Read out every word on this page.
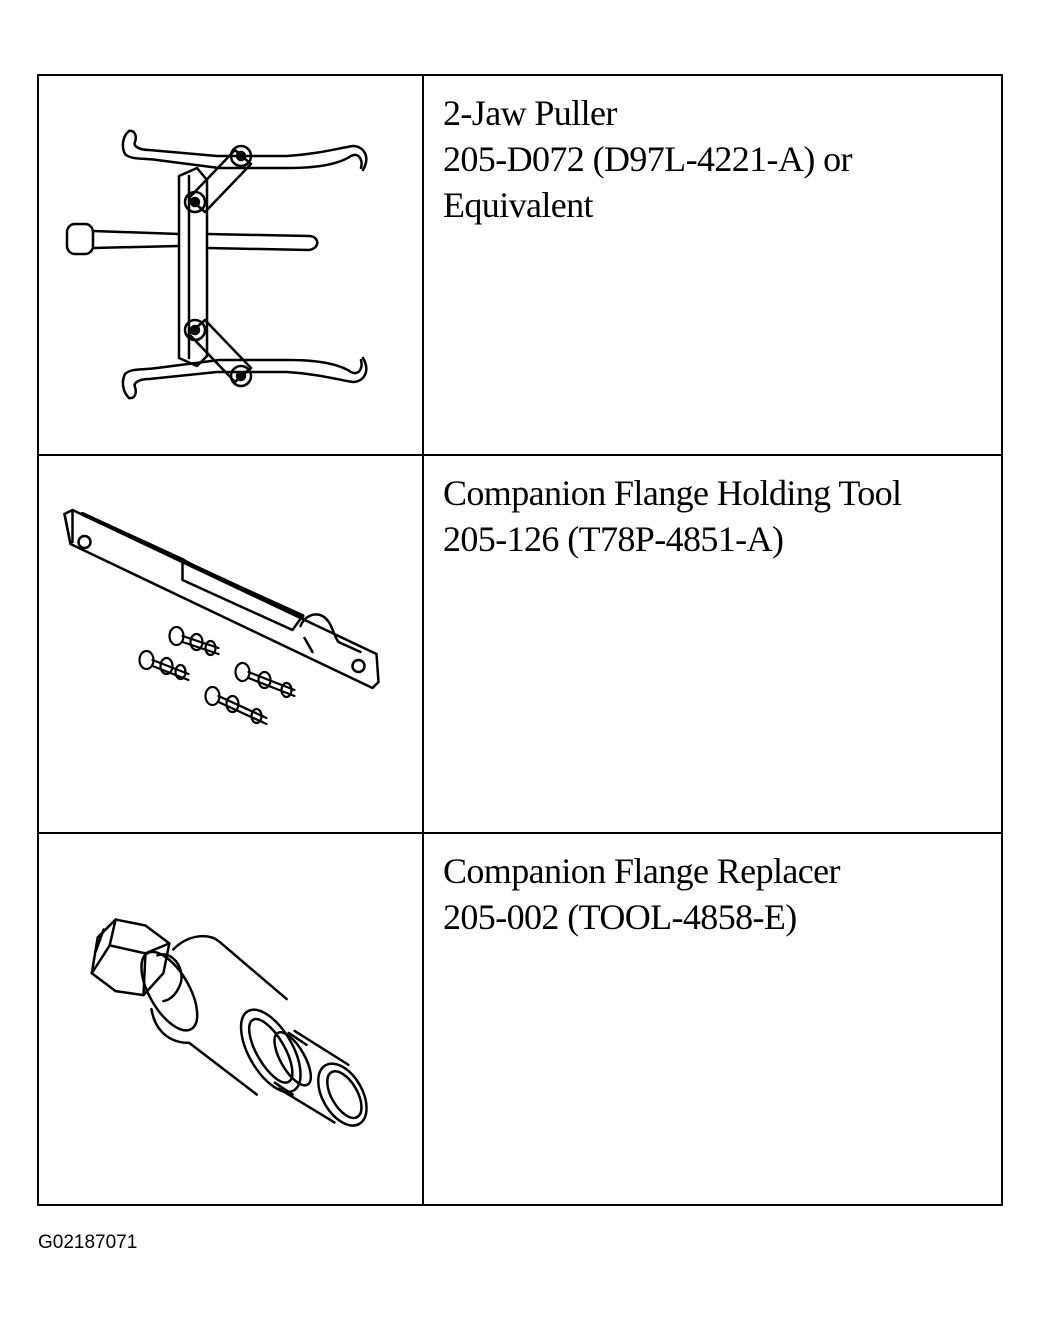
2-Jaw Puller
205-D072 (D97L-4221-A) or
Equivalent
Companion Flange Holding Tool
205-126 (T78P-4851-A)
Companion Flange Replacer
205-002 (TOOL-4858-E)
G02187071
